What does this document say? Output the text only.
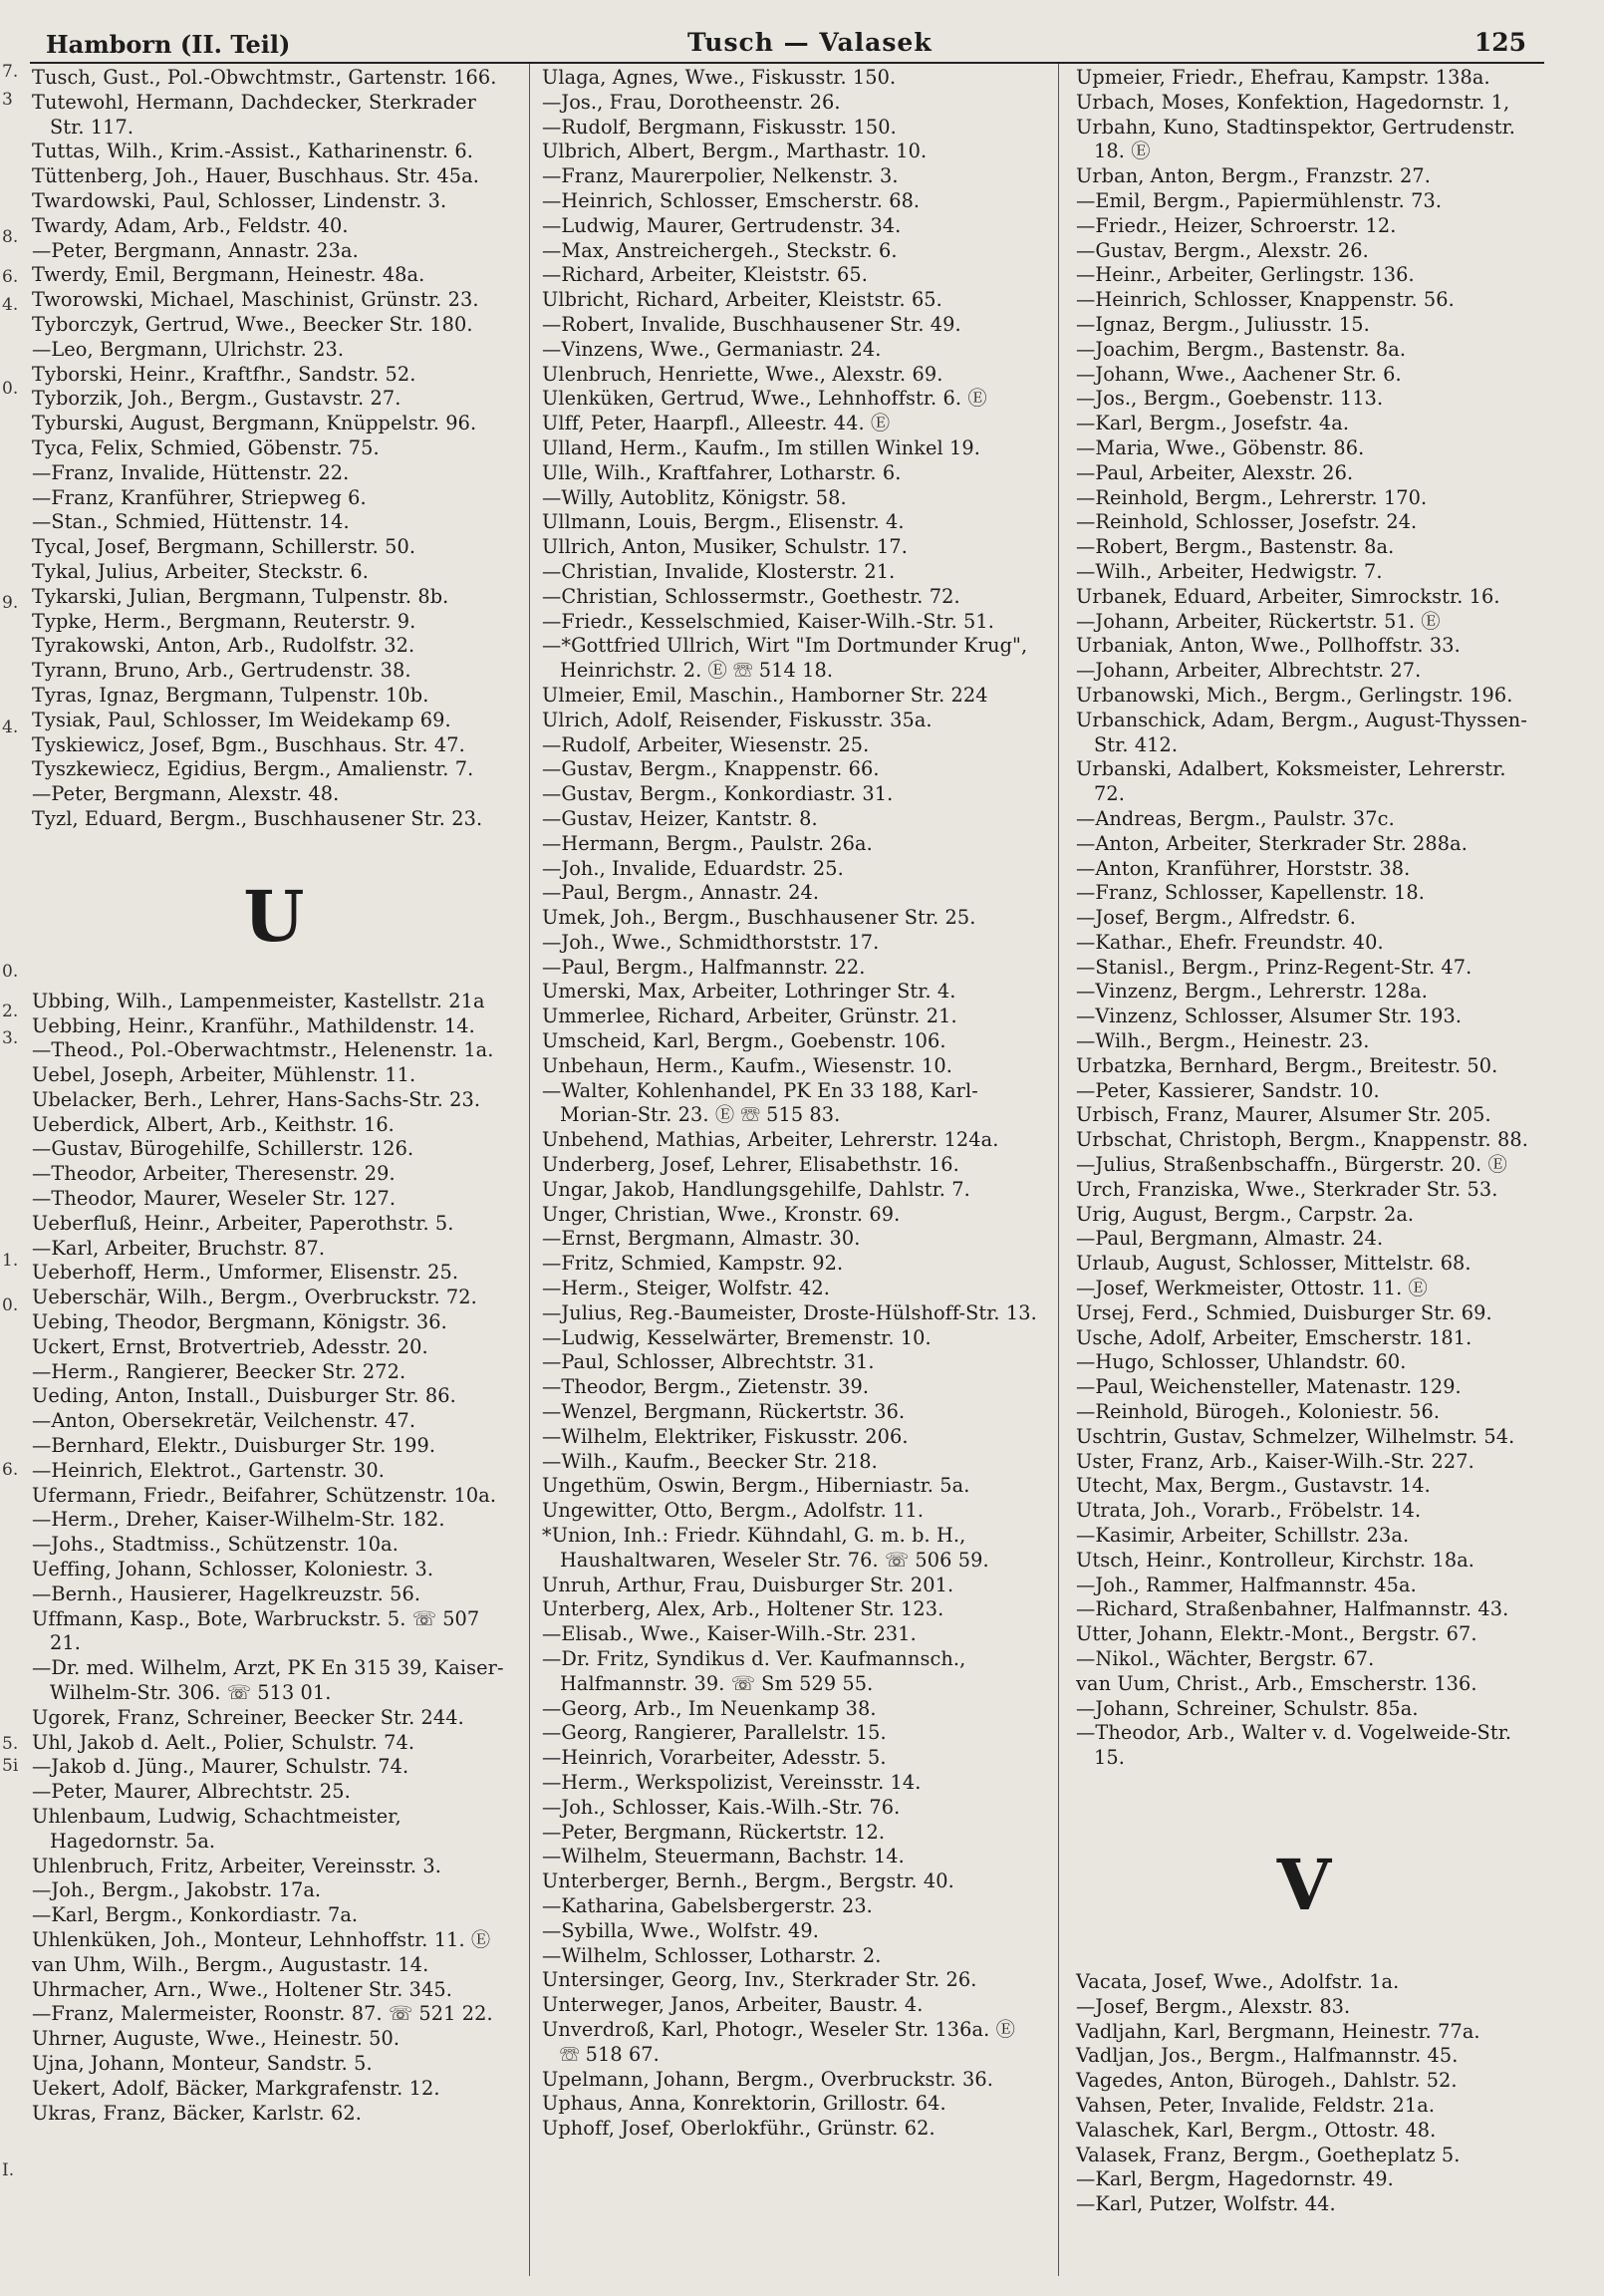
7.
3
8.
6.
4.
0.
9.
4.
0.
2.
3.
1.
0.
6.
5.
5i
I.
Hamborn (II. Teil)	Tusch — Valasek	125

Tusch, Gust., Pol.-Obwchtmstr., Gartenstr. 166.

Tutewohl, Hermann, Dachdecker, Sterkrader Str. 117.

Tuttas, Wilh., Krim.-Assist., Katharinenstr. 6.

Tüttenberg, Joh., Hauer, Buschhaus. Str. 45a.

Twardowski, Paul, Schlosser, Lindenstr. 3.

Twardy, Adam, Arb., Feldstr. 40.

—Peter, Bergmann, Annastr. 23a.

Twerdy, Emil, Bergmann, Heinestr. 48a.

Tworowski, Michael, Maschinist, Grünstr. 23.

Tyborczyk, Gertrud, Wwe., Beecker Str. 180.

—Leo, Bergmann, Ulrichstr. 23.

Tyborski, Heinr., Kraftfhr., Sandstr. 52.

Tyborzik, Joh., Bergm., Gustavstr. 27.

Tyburski, August, Bergmann, Knüppelstr. 96.

Tyca, Felix, Schmied, Göbenstr. 75.

—Franz, Invalide, Hüttenstr. 22.

—Franz, Kranführer, Striepweg 6.

—Stan., Schmied, Hüttenstr. 14.

Tycal, Josef, Bergmann, Schillerstr. 50.

Tykal, Julius, Arbeiter, Steckstr. 6.

Tykarski, Julian, Bergmann, Tulpenstr. 8b.

Typke, Herm., Bergmann, Reuterstr. 9.

Tyrakowski, Anton, Arb., Rudolfstr. 32.

Tyrann, Bruno, Arb., Gertrudenstr. 38.

Tyras, Ignaz, Bergmann, Tulpenstr. 10b.

Tysiak, Paul, Schlosser, Im Weidekamp 69.

Tyskiewicz, Josef, Bgm., Buschhaus. Str. 47.

Tyszkewiecz, Egidius, Bergm., Amalienstr. 7.

—Peter, Bergmann, Alexstr. 48.

Tyzl, Eduard, Bergm., Buschhausener Str. 23.

U

Ubbing, Wilh., Lampenmeister, Kastellstr. 21a

Uebbing, Heinr., Kranführ., Mathildenstr. 14.

—Theod., Pol.-Oberwachtmstr., Helenenstr. 1a.

Uebel, Joseph, Arbeiter, Mühlenstr. 11.

Ubelacker, Berh., Lehrer, Hans-Sachs-Str. 23.

Ueberdick, Albert, Arb., Keithstr. 16.

—Gustav, Bürogehilfe, Schillerstr. 126.

—Theodor, Arbeiter, Theresenstr. 29.

—Theodor, Maurer, Weseler Str. 127.

Ueberfluß, Heinr., Arbeiter, Paperothstr. 5.

—Karl, Arbeiter, Bruchstr. 87.

Ueberhoff, Herm., Umformer, Elisenstr. 25.

Ueberschär, Wilh., Bergm., Overbruckstr. 72.

Uebing, Theodor, Bergmann, Königstr. 36.

Uckert, Ernst, Brotvertrieb, Adesstr. 20.

—Herm., Rangierer, Beecker Str. 272.

Ueding, Anton, Install., Duisburger Str. 86.

—Anton, Obersekretär, Veilchenstr. 47.

—Bernhard, Elektr., Duisburger Str. 199.

—Heinrich, Elektrot., Gartenstr. 30.

Ufermann, Friedr., Beifahrer, Schützenstr. 10a.

—Herm., Dreher, Kaiser-Wilhelm-Str. 182.

—Johs., Stadtmiss., Schützenstr. 10a.

Ueffing, Johann, Schlosser, Koloniestr. 3.

—Bernh., Hausierer, Hagelkreuzstr. 56.

Uffmann, Kasp., Bote, Warbruckstr. 5. ☏ 507 21.

—Dr. med. Wilhelm, Arzt, PK En 315 39, Kaiser-Wilhelm-Str. 306. ☏ 513 01.

Ugorek, Franz, Schreiner, Beecker Str. 244.

Uhl, Jakob d. Aelt., Polier, Schulstr. 74.

—Jakob d. Jüng., Maurer, Schulstr. 74.

—Peter, Maurer, Albrechtstr. 25.

Uhlenbaum, Ludwig, Schachtmeister, Hagedornstr. 5a.

Uhlenbruch, Fritz, Arbeiter, Vereinsstr. 3.

—Joh., Bergm., Jakobstr. 17a.

—Karl, Bergm., Konkordiastr. 7a.

Uhlenküken, Joh., Monteur, Lehnhoffstr. 11. Ⓔ

van Uhm, Wilh., Bergm., Augustastr. 14.

Uhrmacher, Arn., Wwe., Holtener Str. 345.

—Franz, Malermeister, Roonstr. 87. ☏ 521 22.

Uhrner, Auguste, Wwe., Heinestr. 50.

Ujna, Johann, Monteur, Sandstr. 5.

Uekert, Adolf, Bäcker, Markgrafenstr. 12.

Ukras, Franz, Bäcker, Karlstr. 62.

Ulaga, Agnes, Wwe., Fiskusstr. 150.

—Jos., Frau, Dorotheenstr. 26.

—Rudolf, Bergmann, Fiskusstr. 150.

Ulbrich, Albert, Bergm., Marthastr. 10.

—Franz, Maurerpolier, Nelkenstr. 3.

—Heinrich, Schlosser, Emscherstr. 68.

—Ludwig, Maurer, Gertrudenstr. 34.

—Max, Anstreichergeh., Steckstr. 6.

—Richard, Arbeiter, Kleiststr. 65.

Ulbricht, Richard, Arbeiter, Kleiststr. 65.

—Robert, Invalide, Buschhausener Str. 49.

—Vinzens, Wwe., Germaniastr. 24.

Ulenbruch, Henriette, Wwe., Alexstr. 69.

Ulenküken, Gertrud, Wwe., Lehnhoffstr. 6. Ⓔ

Ulff, Peter, Haarpfl., Alleestr. 44. Ⓔ

Ulland, Herm., Kaufm., Im stillen Winkel 19.

Ulle, Wilh., Kraftfahrer, Lotharstr. 6.

—Willy, Autoblitz, Königstr. 58.

Ullmann, Louis, Bergm., Elisenstr. 4.

Ullrich, Anton, Musiker, Schulstr. 17.

—Christian, Invalide, Klosterstr. 21.

—Christian, Schlossermstr., Goethestr. 72.

—Friedr., Kesselschmied, Kaiser-Wilh.-Str. 51.

—*Gottfried Ullrich, Wirt "Im Dortmunder Krug", Heinrichstr. 2. Ⓔ ☏ 514 18.

Ulmeier, Emil, Maschin., Hamborner Str. 224

Ulrich, Adolf, Reisender, Fiskusstr. 35a.

—Rudolf, Arbeiter, Wiesenstr. 25.

—Gustav, Bergm., Knappenstr. 66.

—Gustav, Bergm., Konkordiastr. 31.

—Gustav, Heizer, Kantstr. 8.

—Hermann, Bergm., Paulstr. 26a.

—Joh., Invalide, Eduardstr. 25.

—Paul, Bergm., Annastr. 24.

Umek, Joh., Bergm., Buschhausener Str. 25.

—Joh., Wwe., Schmidthorststr. 17.

—Paul, Bergm., Halfmannstr. 22.

Umerski, Max, Arbeiter, Lothringer Str. 4.

Ummerlee, Richard, Arbeiter, Grünstr. 21.

Umscheid, Karl, Bergm., Goebenstr. 106.

Unbehaun, Herm., Kaufm., Wiesenstr. 10.

—Walter, Kohlenhandel, PK En 33 188, Karl-Morian-Str. 23. Ⓔ ☏ 515 83.

Unbehend, Mathias, Arbeiter, Lehrerstr. 124a.

Underberg, Josef, Lehrer, Elisabethstr. 16.

Ungar, Jakob, Handlungsgehilfe, Dahlstr. 7.

Unger, Christian, Wwe., Kronstr. 69.

—Ernst, Bergmann, Almastr. 30.

—Fritz, Schmied, Kampstr. 92.

—Herm., Steiger, Wolfstr. 42.

—Julius, Reg.-Baumeister, Droste-Hülshoff-Str. 13.

—Ludwig, Kesselwärter, Bremenstr. 10.

—Paul, Schlosser, Albrechtstr. 31.

—Theodor, Bergm., Zietenstr. 39.

—Wenzel, Bergmann, Rückertstr. 36.

—Wilhelm, Elektriker, Fiskusstr. 206.

—Wilh., Kaufm., Beecker Str. 218.

Ungethüm, Oswin, Bergm., Hiberniastr. 5a.

Ungewitter, Otto, Bergm., Adolfstr. 11.

*Union, Inh.: Friedr. Kühndahl, G. m. b. H., Haushaltwaren, Weseler Str. 76. ☏ 506 59.

Unruh, Arthur, Frau, Duisburger Str. 201.

Unterberg, Alex, Arb., Holtener Str. 123.

—Elisab., Wwe., Kaiser-Wilh.-Str. 231.

—Dr. Fritz, Syndikus d. Ver. Kaufmannsch., Halfmannstr. 39. ☏ Sm 529 55.

—Georg, Arb., Im Neuenkamp 38.

—Georg, Rangierer, Parallelstr. 15.

—Heinrich, Vorarbeiter, Adesstr. 5.

—Herm., Werkspolizist, Vereinsstr. 14.

—Joh., Schlosser, Kais.-Wilh.-Str. 76.

—Peter, Bergmann, Rückertstr. 12.

—Wilhelm, Steuermann, Bachstr. 14.

Unterberger, Bernh., Bergm., Bergstr. 40.

—Katharina, Gabelsbergerstr. 23.

—Sybilla, Wwe., Wolfstr. 49.

—Wilhelm, Schlosser, Lotharstr. 2.

Untersinger, Georg, Inv., Sterkrader Str. 26.

Unterweger, Janos, Arbeiter, Baustr. 4.

Unverdroß, Karl, Photogr., Weseler Str. 136a. Ⓔ ☏ 518 67.

Upelmann, Johann, Bergm., Overbruckstr. 36.

Uphaus, Anna, Konrektorin, Grillostr. 64.

Uphoff, Josef, Oberlokführ., Grünstr. 62.

Upmeier, Friedr., Ehefrau, Kampstr. 138a.

Urbach, Moses, Konfektion, Hagedornstr. 1,

Urbahn, Kuno, Stadtinspektor, Gertrudenstr. 18. Ⓔ

Urban, Anton, Bergm., Franzstr. 27.

—Emil, Bergm., Papiermühlenstr. 73.

—Friedr., Heizer, Schroerstr. 12.

—Gustav, Bergm., Alexstr. 26.

—Heinr., Arbeiter, Gerlingstr. 136.

—Heinrich, Schlosser, Knappenstr. 56.

—Ignaz, Bergm., Juliusstr. 15.

—Joachim, Bergm., Bastenstr. 8a.

—Johann, Wwe., Aachener Str. 6.

—Jos., Bergm., Goebenstr. 113.

—Karl, Bergm., Josefstr. 4a.

—Maria, Wwe., Göbenstr. 86.

—Paul, Arbeiter, Alexstr. 26.

—Reinhold, Bergm., Lehrerstr. 170.

—Reinhold, Schlosser, Josefstr. 24.

—Robert, Bergm., Bastenstr. 8a.

—Wilh., Arbeiter, Hedwigstr. 7.

Urbanek, Eduard, Arbeiter, Simrockstr. 16.

—Johann, Arbeiter, Rückertstr. 51. Ⓔ

Urbaniak, Anton, Wwe., Pollhoffstr. 33.

—Johann, Arbeiter, Albrechtstr. 27.

Urbanowski, Mich., Bergm., Gerlingstr. 196.

Urbanschick, Adam, Bergm., August-Thyssen-Str. 412.

Urbanski, Adalbert, Koksmeister, Lehrerstr. 72.

—Andreas, Bergm., Paulstr. 37c.

—Anton, Arbeiter, Sterkrader Str. 288a.

—Anton, Kranführer, Horststr. 38.

—Franz, Schlosser, Kapellenstr. 18.

—Josef, Bergm., Alfredstr. 6.

—Kathar., Ehefr. Freundstr. 40.

—Stanisl., Bergm., Prinz-Regent-Str. 47.

—Vinzenz, Bergm., Lehrerstr. 128a.

—Vinzenz, Schlosser, Alsumer Str. 193.

—Wilh., Bergm., Heinestr. 23.

Urbatzka, Bernhard, Bergm., Breitestr. 50.

—Peter, Kassierer, Sandstr. 10.

Urbisch, Franz, Maurer, Alsumer Str. 205.

Urbschat, Christoph, Bergm., Knappenstr. 88.

—Julius, Straßenbschaffn., Bürgerstr. 20. Ⓔ

Urch, Franziska, Wwe., Sterkrader Str. 53.

Urig, August, Bergm., Carpstr. 2a.

—Paul, Bergmann, Almastr. 24.

Urlaub, August, Schlosser, Mittelstr. 68.

—Josef, Werkmeister, Ottostr. 11. Ⓔ

Ursej, Ferd., Schmied, Duisburger Str. 69.

Usche, Adolf, Arbeiter, Emscherstr. 181.

—Hugo, Schlosser, Uhlandstr. 60.

—Paul, Weichensteller, Matenastr. 129.

—Reinhold, Bürogeh., Koloniestr. 56.

Uschtrin, Gustav, Schmelzer, Wilhelmstr. 54.

Uster, Franz, Arb., Kaiser-Wilh.-Str. 227.

Utecht, Max, Bergm., Gustavstr. 14.

Utrata, Joh., Vorarb., Fröbelstr. 14.

—Kasimir, Arbeiter, Schillstr. 23a.

Utsch, Heinr., Kontrolleur, Kirchstr. 18a.

—Joh., Rammer, Halfmannstr. 45a.

—Richard, Straßenbahner, Halfmannstr. 43.

Utter, Johann, Elektr.-Mont., Bergstr. 67.

—Nikol., Wächter, Bergstr. 67.

van Uum, Christ., Arb., Emscherstr. 136.

—Johann, Schreiner, Schulstr. 85a.

—Theodor, Arb., Walter v. d. Vogelweide-Str. 15.

V

Vacata, Josef, Wwe., Adolfstr. 1a.

—Josef, Bergm., Alexstr. 83.

Vadljahn, Karl, Bergmann, Heinestr. 77a.

Vadljan, Jos., Bergm., Halfmannstr. 45.

Vagedes, Anton, Bürogeh., Dahlstr. 52.

Vahsen, Peter, Invalide, Feldstr. 21a.

Valaschek, Karl, Bergm., Ottostr. 48.

Valasek, Franz, Bergm., Goetheplatz 5.

—Karl, Bergm, Hagedornstr. 49.

—Karl, Putzer, Wolfstr. 44.
